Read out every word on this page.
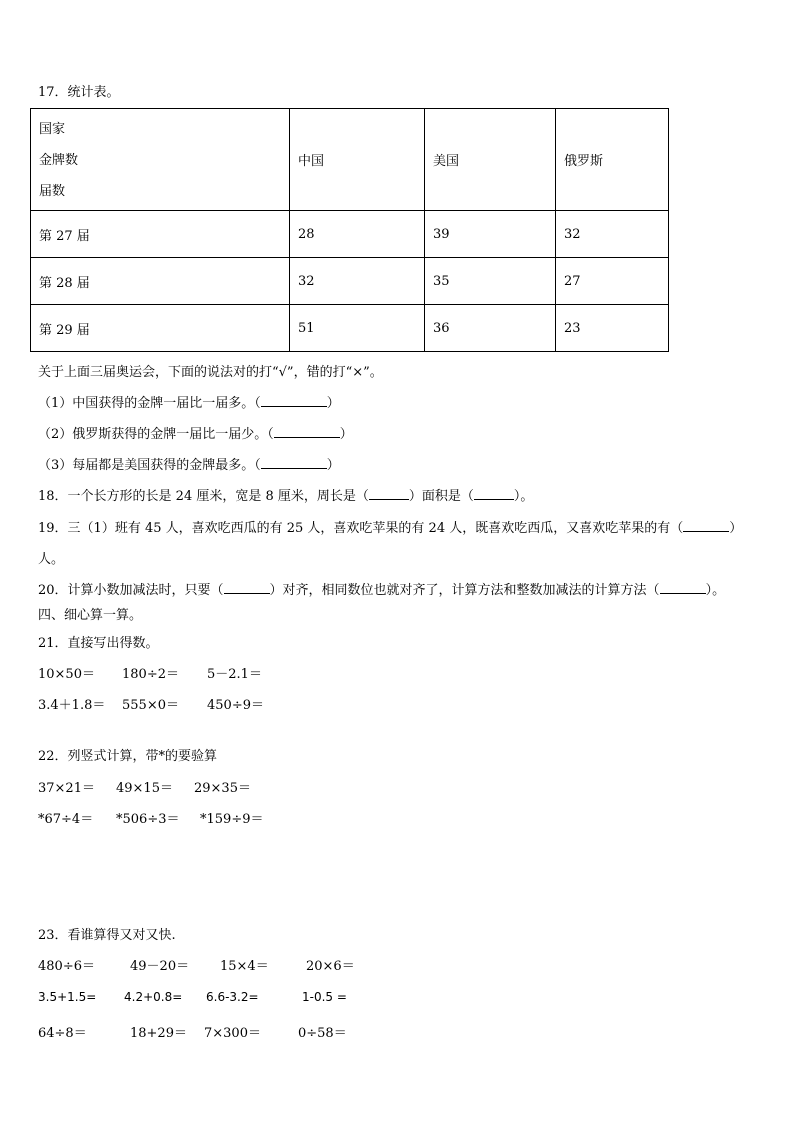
17．统计表。
国家
金牌数
届数	中国	美国	俄罗斯
第 27 届	28	39	32
第 28 届	32	35	27
第 29 届	51	36	23
关于上面三届奥运会，下面的说法对的打“√”，错的打“×”。
（1）中国获得的金牌一届比一届多。（	）
（2）俄罗斯获得的金牌一届比一届少。（	）
（3）每届都是美国获得的金牌最多。（	）
18．一个长方形的长是 24 厘米，宽是 8 厘米，周长是（	）面积是（	）。
19．三（1）班有 45 人，喜欢吃西瓜的有 25 人，喜欢吃苹果的有 24 人，既喜欢吃西瓜，又喜欢吃苹果的有（	）
人。
20．计算小数加减法时，只要（	）对齐，相同数位也就对齐了，计算方法和整数加减法的计算方法（	）。
四、细心算一算。
21．直接写出得数。
10×50＝ 180÷2＝ 5－2.1＝
3.4＋1.8＝ 555×0＝ 450÷9＝
22．列竖式计算，带*的要验算
37×21＝ 49×15＝ 29×35＝
*67÷4＝ *506÷3＝ *159÷9＝
23．看谁算得又对又快.
480÷6＝	49－20＝ 15×4＝	20×6＝
3.5+1.5= 4.2+0.8= 6.6-3.2=	1-0.5 =
64÷8＝	18+29＝ 7×300＝	0÷58＝
